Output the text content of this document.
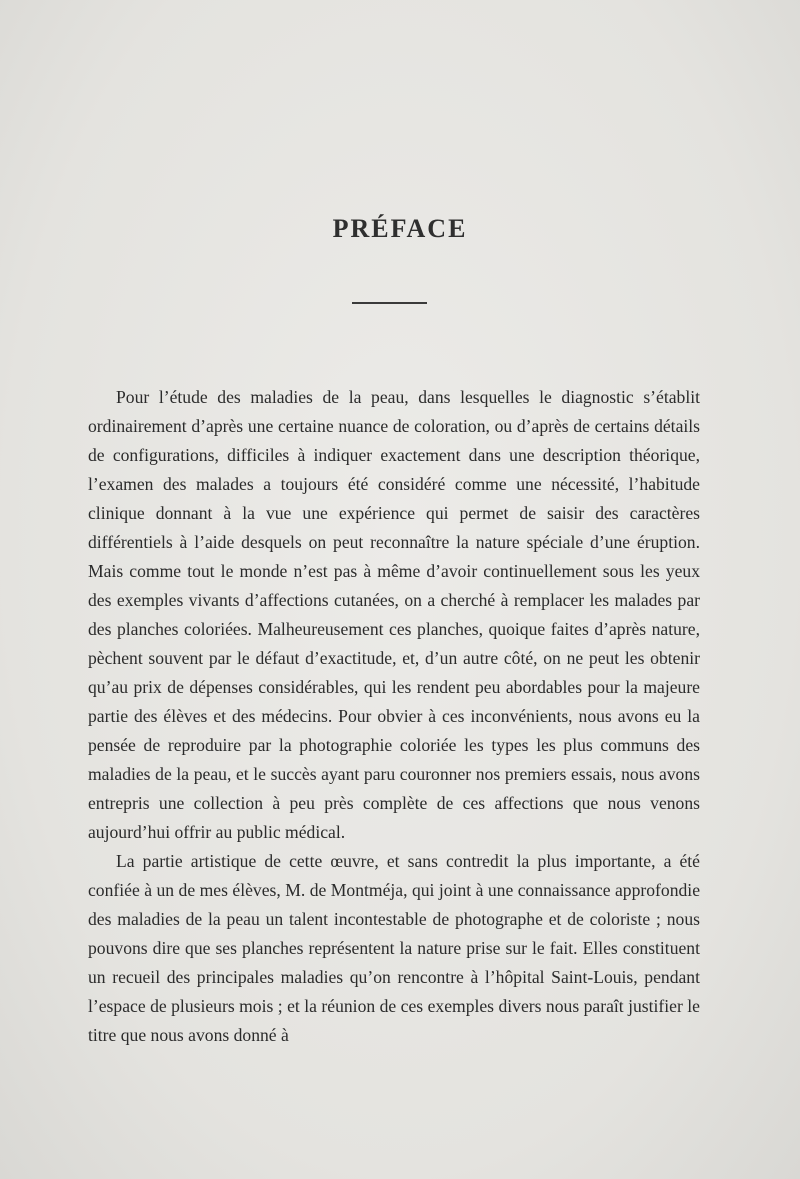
PRÉFACE

Pour l’étude des maladies de la peau, dans lesquelles le diagnostic s’établit ordinairement d’après une certaine nuance de coloration, ou d’après de certains détails de configurations, difficiles à indiquer exactement dans une description théorique, l’examen des malades a toujours été considéré comme une nécessité, l’habitude clinique donnant à la vue une expérience qui permet de saisir des caractères différentiels à l’aide desquels on peut reconnaître la nature spéciale d’une éruption. Mais comme tout le monde n’est pas à même d’avoir continuellement sous les yeux des exemples vivants d’affections cutanées, on a cherché à remplacer les malades par des planches coloriées. Malheureusement ces planches, quoique faites d’après nature, pèchent souvent par le défaut d’exactitude, et, d’un autre côté, on ne peut les obtenir qu’au prix de dépenses considérables, qui les rendent peu abordables pour la majeure partie des élèves et des médecins. Pour obvier à ces inconvénients, nous avons eu la pensée de reproduire par la photographie coloriée les types les plus communs des maladies de la peau, et le succès ayant paru couronner nos premiers essais, nous avons entrepris une collection à peu près complète de ces affections que nous venons aujourd’hui offrir au public médical.

La partie artistique de cette œuvre, et sans contredit la plus importante, a été confiée à un de mes élèves, M. de Montméja, qui joint à une connaissance approfondie des maladies de la peau un talent incontestable de photographe et de coloriste ; nous pouvons dire que ses planches représentent la nature prise sur le fait. Elles constituent un recueil des principales maladies qu’on rencontre à l’hôpital Saint-Louis, pendant l’espace de plusieurs mois ; et la réunion de ces exemples divers nous paraît justifier le titre que nous avons donné à
